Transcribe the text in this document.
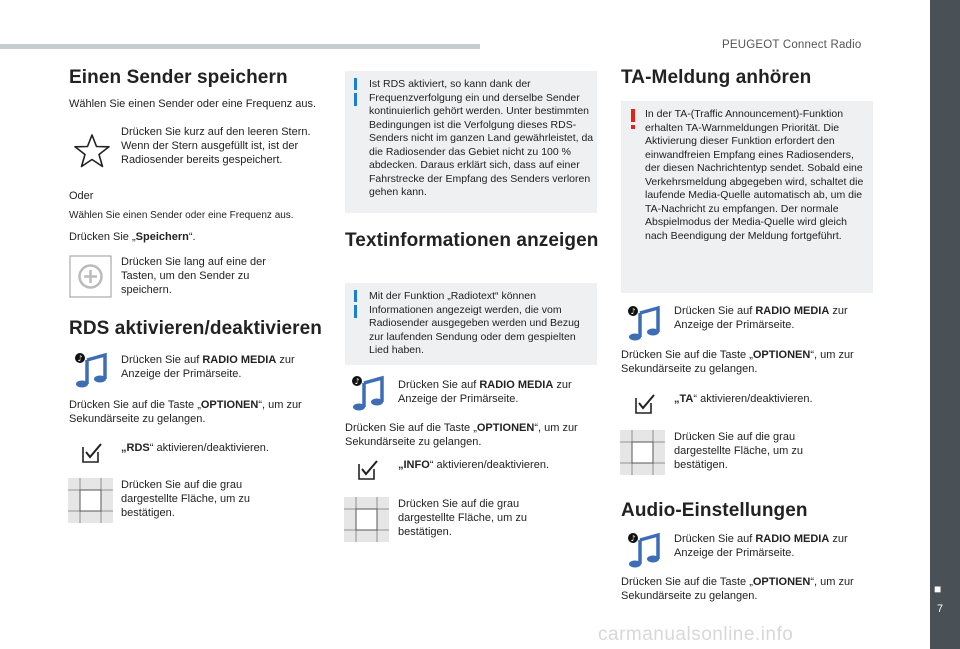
PEUGEOT Connect Radio
■
7
carmanualsonline.info
Einen Sender speichern
Wählen Sie einen Sender oder eine Frequenz aus.
Drücken Sie kurz auf den leeren Stern. Wenn der Stern ausgefüllt ist, ist der Radiosender bereits gespeichert.
Oder
Wählen Sie einen Sender oder eine Frequenz aus.
Drücken Sie „Speichern“.
Drücken Sie lang auf eine der Tasten, um den Sender zu speichern.
RDS aktivieren/deaktivieren
♪	Drücken Sie auf RADIO MEDIA zur Anzeige der Primärseite.
Drücken Sie auf die Taste „OPTIONEN“, um zur Sekundärseite zu gelangen.
„RDS“ aktivieren/deaktivieren.
Drücken Sie auf die grau dargestellte Fläche, um zu bestätigen.
Ist RDS aktiviert, so kann dank der Frequenzverfolgung ein und derselbe Sender kontinuierlich gehört werden. Unter bestimmten Bedingungen ist die Verfolgung dieses RDS-Senders nicht im ganzen Land gewährleistet, da die Radiosender das Gebiet nicht zu 100 % abdecken. Daraus erklärt sich, dass auf einer Fahrstrecke der Empfang des Senders verloren gehen kann.
Textinformationen anzeigen
Mit der Funktion „Radiotext“ können Informationen angezeigt werden, die vom Radiosender ausgegeben werden und Bezug zur laufenden Sendung oder dem gespielten Lied haben.
♪	Drücken Sie auf RADIO MEDIA zur Anzeige der Primärseite.
Drücken Sie auf die Taste „OPTIONEN“, um zur Sekundärseite zu gelangen.
„INFO“ aktivieren/deaktivieren.
Drücken Sie auf die grau dargestellte Fläche, um zu bestätigen.
TA-Meldung anhören
In der TA-(Traffic Announcement)-Funktion erhalten TA-Warnmeldungen Priorität. Die Aktivierung dieser Funktion erfordert den einwandfreien Empfang eines Radiosenders, der diesen Nachrichtentyp sendet. Sobald eine Verkehrsmeldung abgegeben wird, schaltet die laufende Media-Quelle automatisch ab, um die TA-Nachricht zu empfangen. Der normale Abspielmodus der Media-Quelle wird gleich nach Beendigung der Meldung fortgeführt.
♪	Drücken Sie auf RADIO MEDIA zur Anzeige der Primärseite.
Drücken Sie auf die Taste „OPTIONEN“, um zur Sekundärseite zu gelangen.
„TA“ aktivieren/deaktivieren.
Drücken Sie auf die grau dargestellte Fläche, um zu bestätigen.
Audio-Einstellungen
♪	Drücken Sie auf RADIO MEDIA zur Anzeige der Primärseite.
Drücken Sie auf die Taste „OPTIONEN“, um zur Sekundärseite zu gelangen.
